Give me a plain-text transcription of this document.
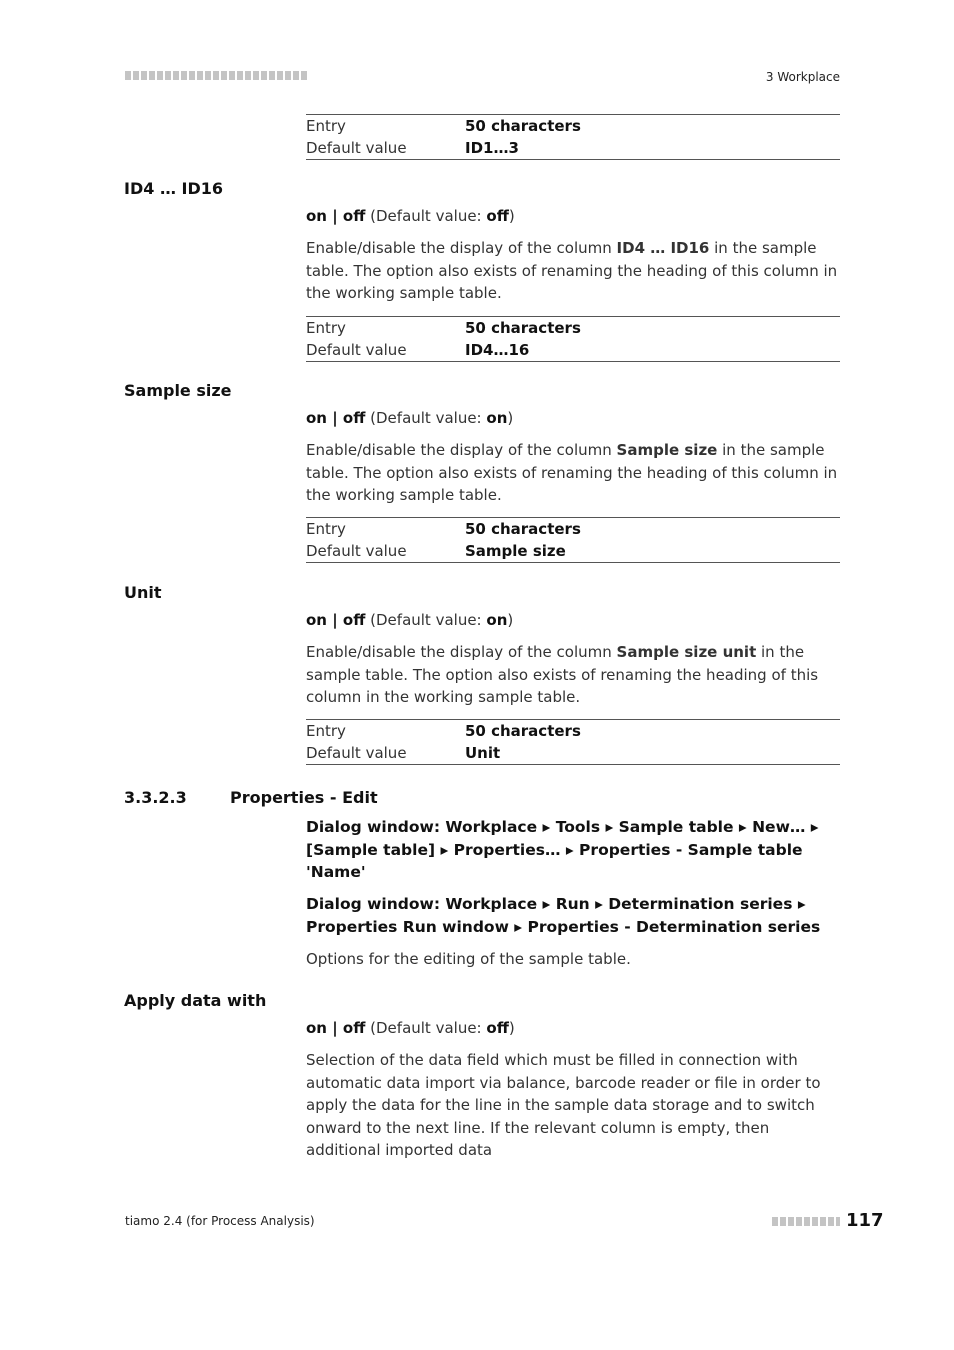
3 Workplace
Entry	50 characters
Default value	ID1…3
ID4 … ID16
on | off (Default value: off)
Enable/disable the display of the column ID4 … ID16 in the sample table. The option also exists of renaming the heading of this column in the working sample table.
Entry	50 characters
Default value	ID4…16
Sample size
on | off (Default value: on)
Enable/disable the display of the column Sample size in the sample table. The option also exists of renaming the heading of this column in the working sample table.
Entry	50 characters
Default value	Sample size
Unit
on | off (Default value: on)
Enable/disable the display of the column Sample size unit in the sample table. The option also exists of renaming the heading of this column in the working sample table.
Entry	50 characters
Default value	Unit
3.3.2.3	Properties - Edit
Dialog window: Workplace ▸ Tools ▸ Sample table ▸ New… ▸ [Sample table] ▸ Properties… ▸ Properties - Sample table 'Name'
Dialog window: Workplace ▸ Run ▸ Determination series ▸ Properties Run window ▸ Properties - Determination series
Options for the editing of the sample table.
Apply data with
on | off (Default value: off)
Selection of the data field which must be filled in connection with automatic data import via balance, barcode reader or file in order to apply the data for the line in the sample data storage and to switch onward to the next line. If the relevant column is empty, then additional imported data
tiamo 2.4 (for Process Analysis)	117
